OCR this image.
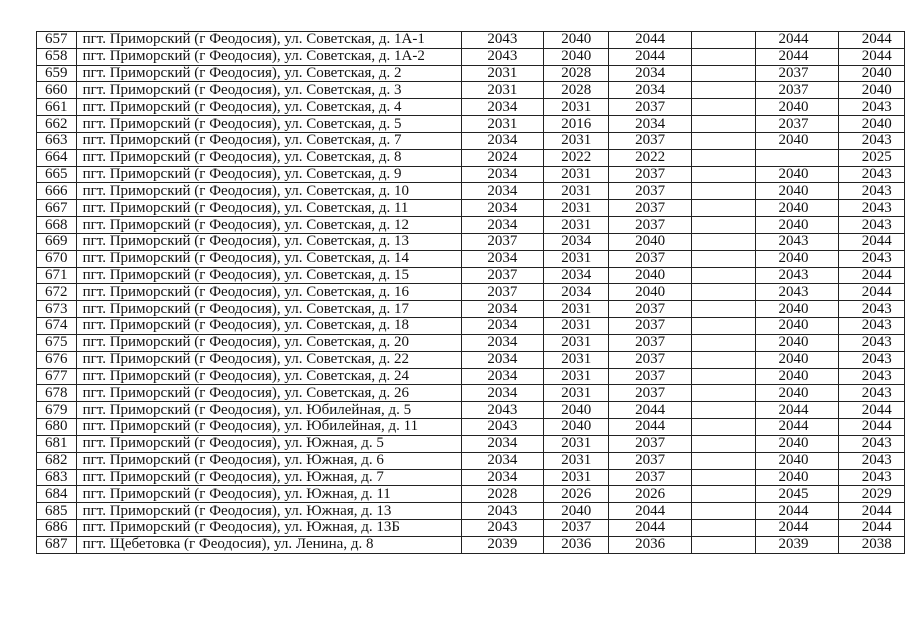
657	пгт. Приморский (г Феодосия), ул. Советская, д. 1А-1	2043	2040	2044		2044	2044
658	пгт. Приморский (г Феодосия), ул. Советская, д. 1А-2	2043	2040	2044		2044	2044
659	пгт. Приморский (г Феодосия), ул. Советская, д. 2	2031	2028	2034		2037	2040
660	пгт. Приморский (г Феодосия), ул. Советская, д. 3	2031	2028	2034		2037	2040
661	пгт. Приморский (г Феодосия), ул. Советская, д. 4	2034	2031	2037		2040	2043
662	пгт. Приморский (г Феодосия), ул. Советская, д. 5	2031	2016	2034		2037	2040
663	пгт. Приморский (г Феодосия), ул. Советская, д. 7	2034	2031	2037		2040	2043
664	пгт. Приморский (г Феодосия), ул. Советская, д. 8	2024	2022	2022			2025
665	пгт. Приморский (г Феодосия), ул. Советская, д. 9	2034	2031	2037		2040	2043
666	пгт. Приморский (г Феодосия), ул. Советская, д. 10	2034	2031	2037		2040	2043
667	пгт. Приморский (г Феодосия), ул. Советская, д. 11	2034	2031	2037		2040	2043
668	пгт. Приморский (г Феодосия), ул. Советская, д. 12	2034	2031	2037		2040	2043
669	пгт. Приморский (г Феодосия), ул. Советская, д. 13	2037	2034	2040		2043	2044
670	пгт. Приморский (г Феодосия), ул. Советская, д. 14	2034	2031	2037		2040	2043
671	пгт. Приморский (г Феодосия), ул. Советская, д. 15	2037	2034	2040		2043	2044
672	пгт. Приморский (г Феодосия), ул. Советская, д. 16	2037	2034	2040		2043	2044
673	пгт. Приморский (г Феодосия), ул. Советская, д. 17	2034	2031	2037		2040	2043
674	пгт. Приморский (г Феодосия), ул. Советская, д. 18	2034	2031	2037		2040	2043
675	пгт. Приморский (г Феодосия), ул. Советская, д. 20	2034	2031	2037		2040	2043
676	пгт. Приморский (г Феодосия), ул. Советская, д. 22	2034	2031	2037		2040	2043
677	пгт. Приморский (г Феодосия), ул. Советская, д. 24	2034	2031	2037		2040	2043
678	пгт. Приморский (г Феодосия), ул. Советская, д. 26	2034	2031	2037		2040	2043
679	пгт. Приморский (г Феодосия), ул. Юбилейная, д. 5	2043	2040	2044		2044	2044
680	пгт. Приморский (г Феодосия), ул. Юбилейная, д. 11	2043	2040	2044		2044	2044
681	пгт. Приморский (г Феодосия), ул. Южная, д. 5	2034	2031	2037		2040	2043
682	пгт. Приморский (г Феодосия), ул. Южная, д. 6	2034	2031	2037		2040	2043
683	пгт. Приморский (г Феодосия), ул. Южная, д. 7	2034	2031	2037		2040	2043
684	пгт. Приморский (г Феодосия), ул. Южная, д. 11	2028	2026	2026		2045	2029
685	пгт. Приморский (г Феодосия), ул. Южная, д. 13	2043	2040	2044		2044	2044
686	пгт. Приморский (г Феодосия), ул. Южная, д. 13Б	2043	2037	2044		2044	2044
687	пгт. Щебетовка (г Феодосия), ул. Ленина, д. 8	2039	2036	2036		2039	2038
